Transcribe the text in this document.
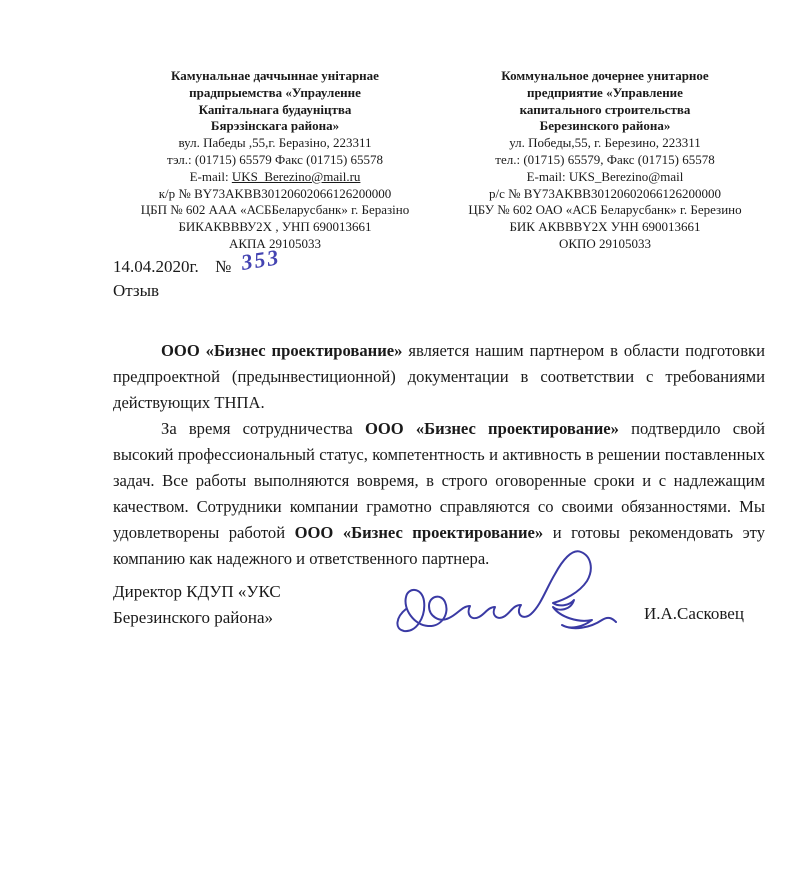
Камунальнае даччыннае унітарнае
прадпрыемства «Упрауленне
Капітальнага будауніцтва
Бярэзінскага района»
вул. Пабеды ,55,г. Беразіно, 223311
тэл.: (01715) 65579 Факс (01715) 65578
E-mail: UKS_Berezino@mail.ru
к/р № BY73AKBB30120602066126200000
ЦБП № 602 ААА «АСББеларусбанк» г. Беразіно
БИКАКВВВУ2Х , УНП 690013661
АКПА 29105033
Коммунальное дочернее унитарное
предприятие «Управление
капитального строительства
Березинского района»
ул. Победы,55, г. Березино, 223311
тел.: (01715) 65579, Факс (01715) 65578
E-mail: UKS_Berezino@mail
р/с № BY73AKBB30120602066126200000
ЦБУ № 602 ОАО «АСБ Беларусбанк» г. Березино
БИК АКВВВY2X УНН 690013661
ОКПО 29105033
14.04.2020г. № 353
Отзыв

ООО «Бизнес проектирование» является нашим партнером в области подготовки предпроектной (предынвестиционной) документации в соответствии с требованиями действующих ТНПА.

За время сотрудничества ООО «Бизнес проектирование» подтвердило свой высокий профессиональный статус, компетентность и активность в решении поставленных задач. Все работы выполняются вовремя, в строго оговоренные сроки и с надлежащим качеством. Сотрудники компании грамотно справляются со своими обязанностями. Мы удовлетворены работой ООО «Бизнес проектирование» и готовы рекомендовать эту компанию как надежного и ответственного партнера.

Директор КДУП «УКС
Березинского района»	И.А.Сасковец
